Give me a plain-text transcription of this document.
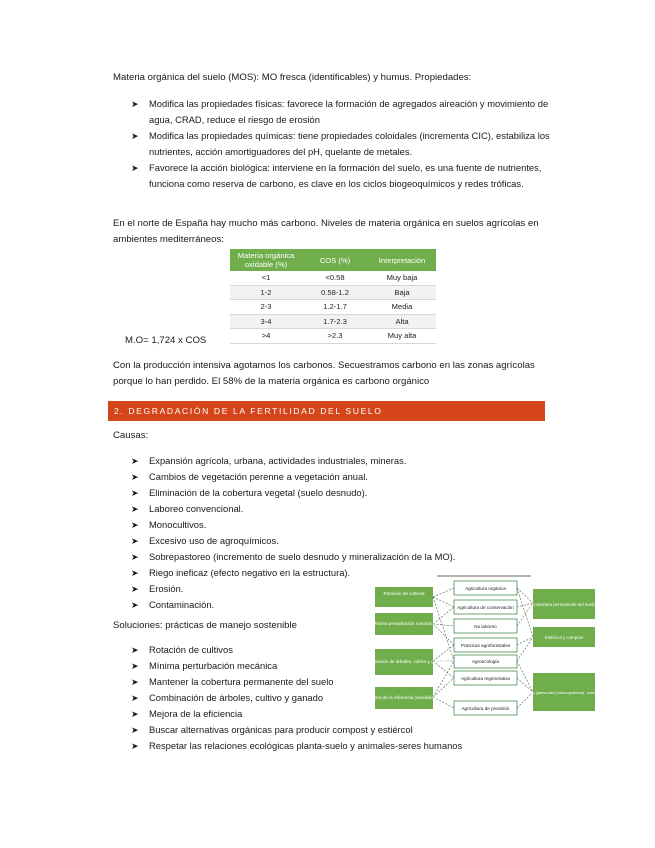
Materia orgánica del suelo (MOS): MO fresca (identificables) y humus. Propiedades:
➤ Modifica las propiedades físicas: favorece la formación de agregados aireación y movimiento de agua, CRAD, reduce el riesgo de erosión
➤ Modifica las propiedades químicas: tiene propiedades coloidales (incrementa CIC), estabiliza los nutrientes, acción amortiguadores del pH, quelante de metales.
➤ Favorece la acción biológica: interviene en la formación del suelo, es una fuente de nutrientes, funciona como reserva de carbono, es clave en los ciclos biogeoquímicos y redes tróficas.
En el norte de España hay mucho más carbono. Niveles de materia orgánica en suelos agrícolas en ambientes mediterráneos:
Materia orgánica oxidable (%)	COS (%)	Interpretación
<1	<0.58	Muy baja
1-2	0.58-1.2	Baja
2-3	1.2-1.7	Media
3-4	1.7-2.3	Alta
>4	>2.3	Muy alta
M.O= 1,724 x COS
Con la producción intensiva agotamos los carbonos. Secuestramos carbono en las zonas agrícolas porque lo han perdido. El 58% de la materia orgánica es carbono orgánico
2. DEGRADACIÓN DE LA FERTILIDAD DEL SUELO
Causas:
➤ Expansión agrícola, urbana, actividades industriales, mineras.
➤ Cambios de vegetación perenne a vegetación anual.
➤ Eliminación de la cobertura vegetal (suelo desnudo).
➤ Laboreo convencional.
➤ Monocultivos.
➤ Excesivo uso de agroquímicos.
➤ Sobrepastoreo (incremento de suelo desnudo y mineralización de la MO).
➤ Riego ineficaz (efecto negativo en la estructura).
➤ Erosión.
➤ Contaminación.
Soluciones: prácticas de manejo sostenible
➤ Rotación de cultivos
➤ Mínima perturbación mecánica
➤ Mantener la cobertura permanente del suelo
➤ Combinación de árboles, cultivo y ganado
➤ Mejora de la eficiencia
➤ Buscar alternativas orgánicas para producir compost y estiércol
➤ Respetar las relaciones ecológicas planta-suelo y animales-seres humanos
Rotación de cultivos
Mínima perturbación mecánica
Combinación de árboles, cultivo y ganado
Mejora de la eficiencia (variabilidad)
Agricultura orgánica
Agricultura de conservación
No laboreo
Prácticas agroforestales
Agroecología
Agricultura regenerativa
Agricultura de precisión
Cobertura permanente del suelo
Estiércol y compost
Relaciones ecológicas (planta-suelo) (microorganismos) - animales - seres humanos
